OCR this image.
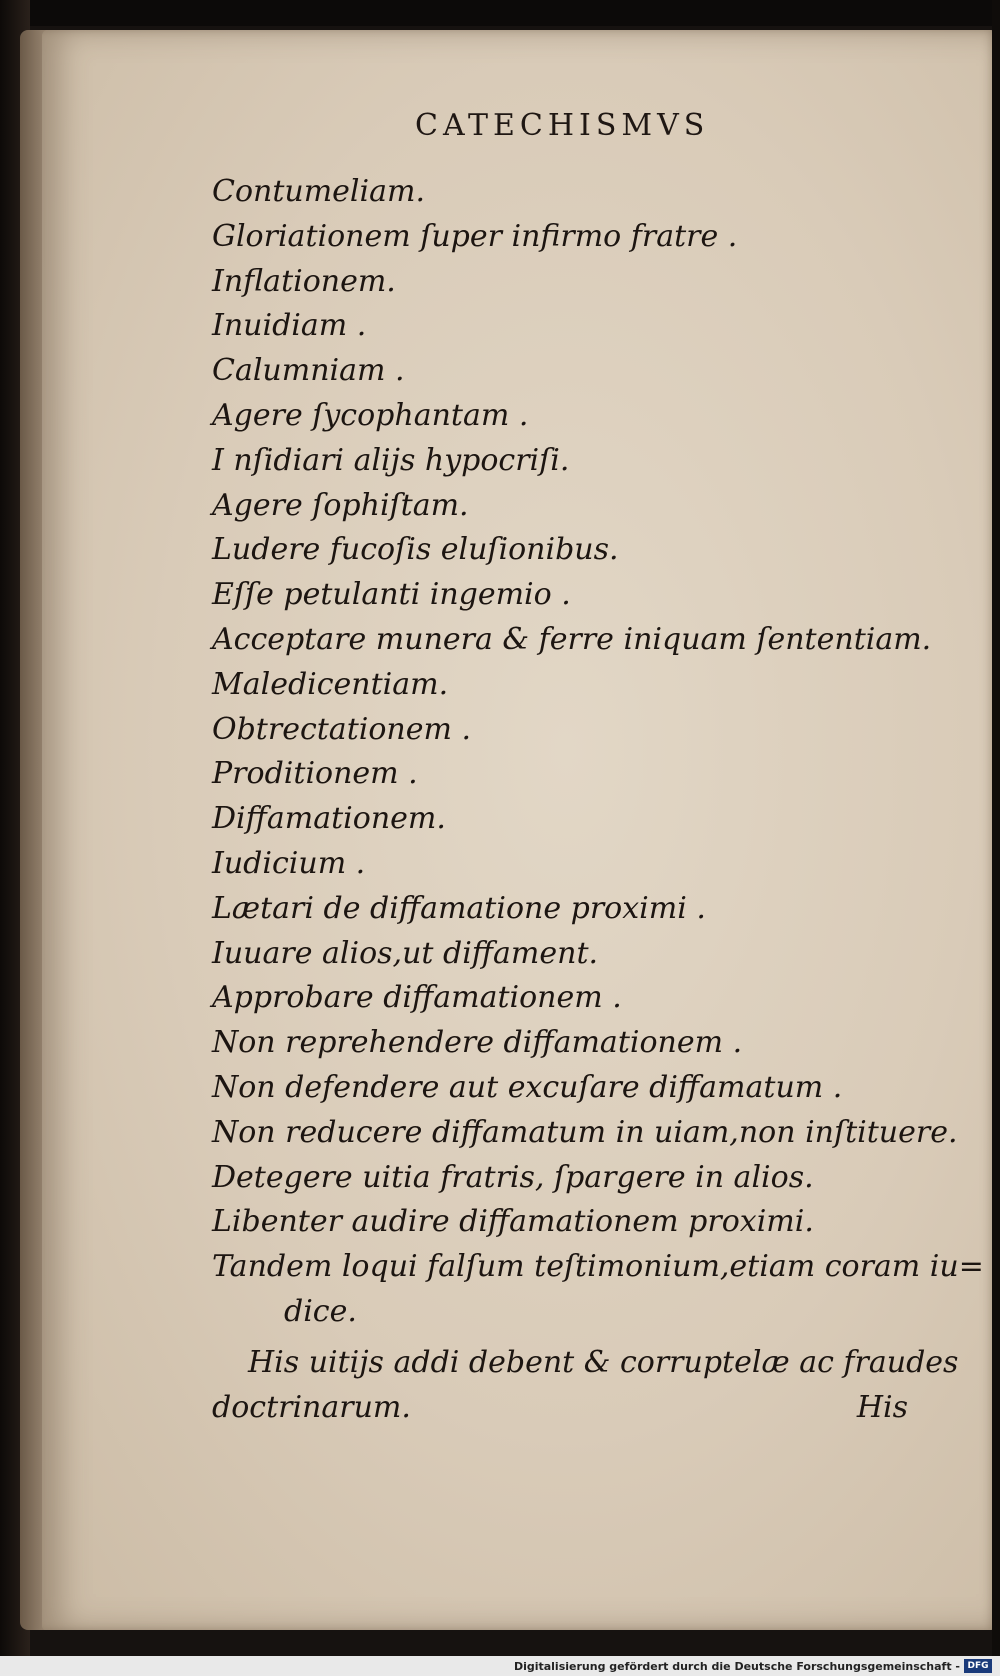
CATECHISMVS
Contumeliam.
Gloriationem ſuper infirmo fratre .
Inflationem.
Inuidiam .
Calumniam .
Agere ſycophantam .
I nſidiari alijs hypocriſi.
Agere ſophiſtam.
Ludere fucoſis eluſionibus.
Eſſe petulanti ingemio .
Acceptare munera & ferre iniquam ſententiam.
Maledicentiam.
Obtrectationem .
Proditionem .
Diffamationem.
Iudicium .
Lætari de diffamatione proximi .
Iuuare alios,ut diffament.
Approbare diffamationem .
Non reprehendere diffamationem .
Non defendere aut excuſare diffamatum .
Non reducere diffamatum in uiam,non inſtituere.
Detegere uitia fratris, ſpargere in alios.
Libenter audire diffamationem proximi.
Tandem loqui falſum teſtimonium,etiam coram iu=
dice.
His uitijs addi debent & corruptelæ ac fraudes
doctrinarum.	His
Digitalisierung gefördert durch die Deutsche Forschungsgemeinschaft - DFG
